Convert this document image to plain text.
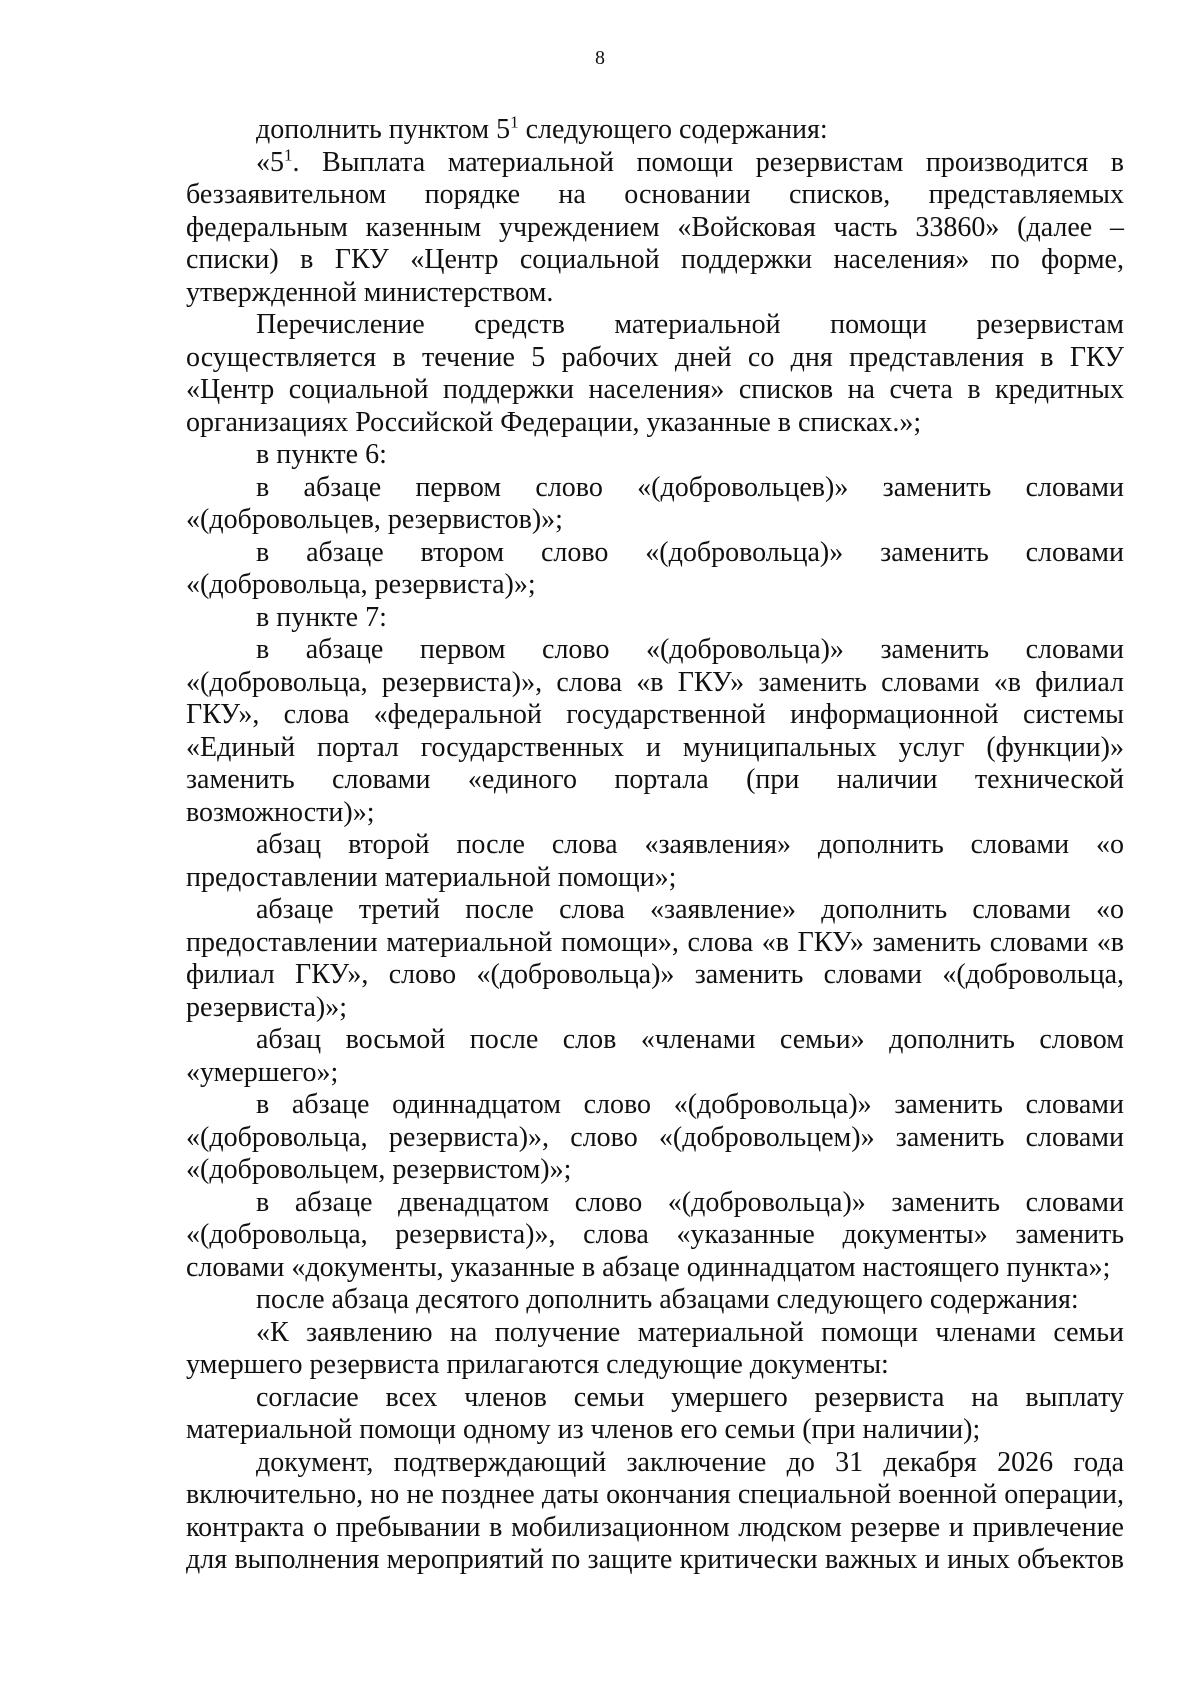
8

дополнить пунктом $5^1$ следующего содержания:

«$5^1$. Выплата материальной помощи резервистам производится в беззаявительном порядке на основании списков, представляемых федеральным казенным учреждением «Войсковая часть 33860» (далее – списки) в ГКУ «Центр социальной поддержки населения» по форме, утвержденной министерством.

Перечисление средств материальной помощи резервистам осуществляется в течение 5 рабочих дней со дня представления в ГКУ «Центр социальной поддержки населения» списков на счета в кредитных организациях Российской Федерации, указанные в списках.»;

в пункте 6:

в абзаце первом слово «(добровольцев)» заменить словами «(добровольцев, резервистов)»;

в абзаце втором слово «(добровольца)» заменить словами «(добровольца, резервиста)»;

в пункте 7:

в абзаце первом слово «(добровольца)» заменить словами «(добровольца, резервиста)», слова «в ГКУ» заменить словами «в филиал ГКУ», слова «федеральной государственной информационной системы «Единый портал государственных и муниципальных услуг (функции)» заменить словами «единого портала (при наличии технической возможности)»;

абзац второй после слова «заявления» дополнить словами «о предоставлении материальной помощи»;

абзаце третий после слова «заявление» дополнить словами «о предоставлении материальной помощи», слова «в ГКУ» заменить словами «в филиал ГКУ», слово «(добровольца)» заменить словами «(добровольца, резервиста)»;

абзац восьмой после слов «членами семьи» дополнить словом «умершего»;

в абзаце одиннадцатом слово «(добровольца)» заменить словами «(добровольца, резервиста)», слово «(добровольцем)» заменить словами «(добровольцем, резервистом)»;

в абзаце двенадцатом слово «(добровольца)» заменить словами «(добровольца, резервиста)», слова «указанные документы» заменить словами «документы, указанные в абзаце одиннадцатом настоящего пункта»;

после абзаца десятого дополнить абзацами следующего содержания:

«К заявлению на получение материальной помощи членами семьи умершего резервиста прилагаются следующие документы:

согласие всех членов семьи умершего резервиста на выплату материальной помощи одному из членов его семьи (при наличии);

документ, подтверждающий заключение до 31 декабря 2026 года включительно, но не позднее даты окончания специальной военной операции, контракта о пребывании в мобилизационном людском резерве и привлечение для выполнения мероприятий по защите критически важных и иных объектов
